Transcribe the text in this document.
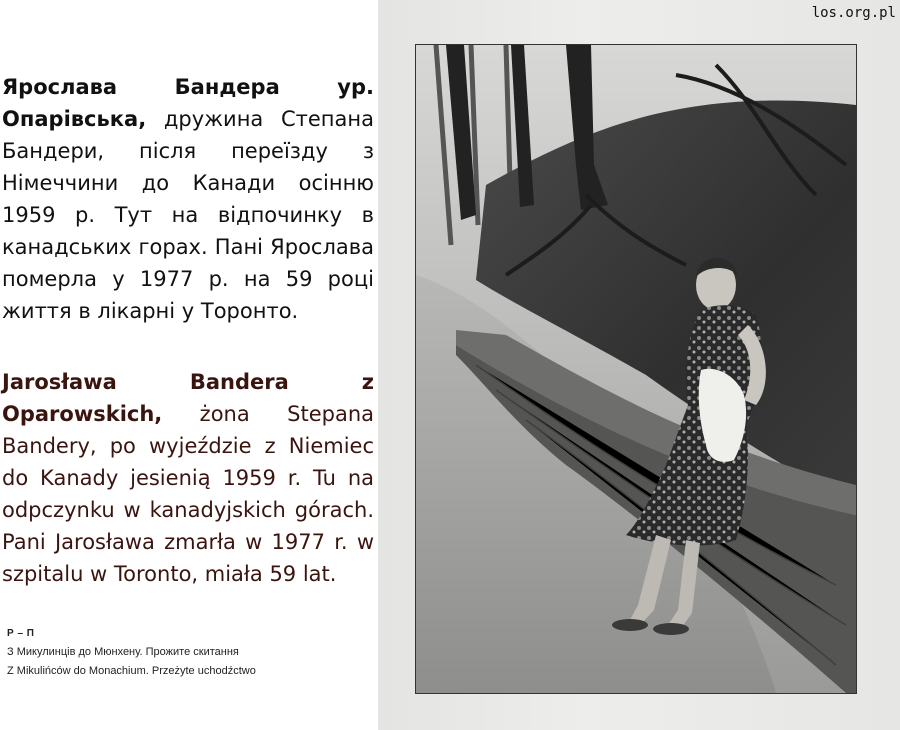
Ярослава Бандера ур. Опарівська, дружина Степана Бандери, після переїзду з Німеччини до Канади осінню 1959 р. Тут на відпочинку в канадських горах. Пані Ярослава померла у 1977 р. на 59 році життя в лікарні у Торонто.

Jarosława Bandera z Oparowskich, żona Stepana Bandery, po wyjeździe z Niemiec do Kanady jesienią 1959 r. Tu na odpczynku w kanadyjskich górach. Pani Jarosława zmarła w 1977 r. w szpitalu w Toronto, miała 59 lat.

Р – П
З Микулинців до Мюнхену. Прожите скитання
Z Mikulińców do Monachium. Przeżyte uchodźctwo
los.org.pl
